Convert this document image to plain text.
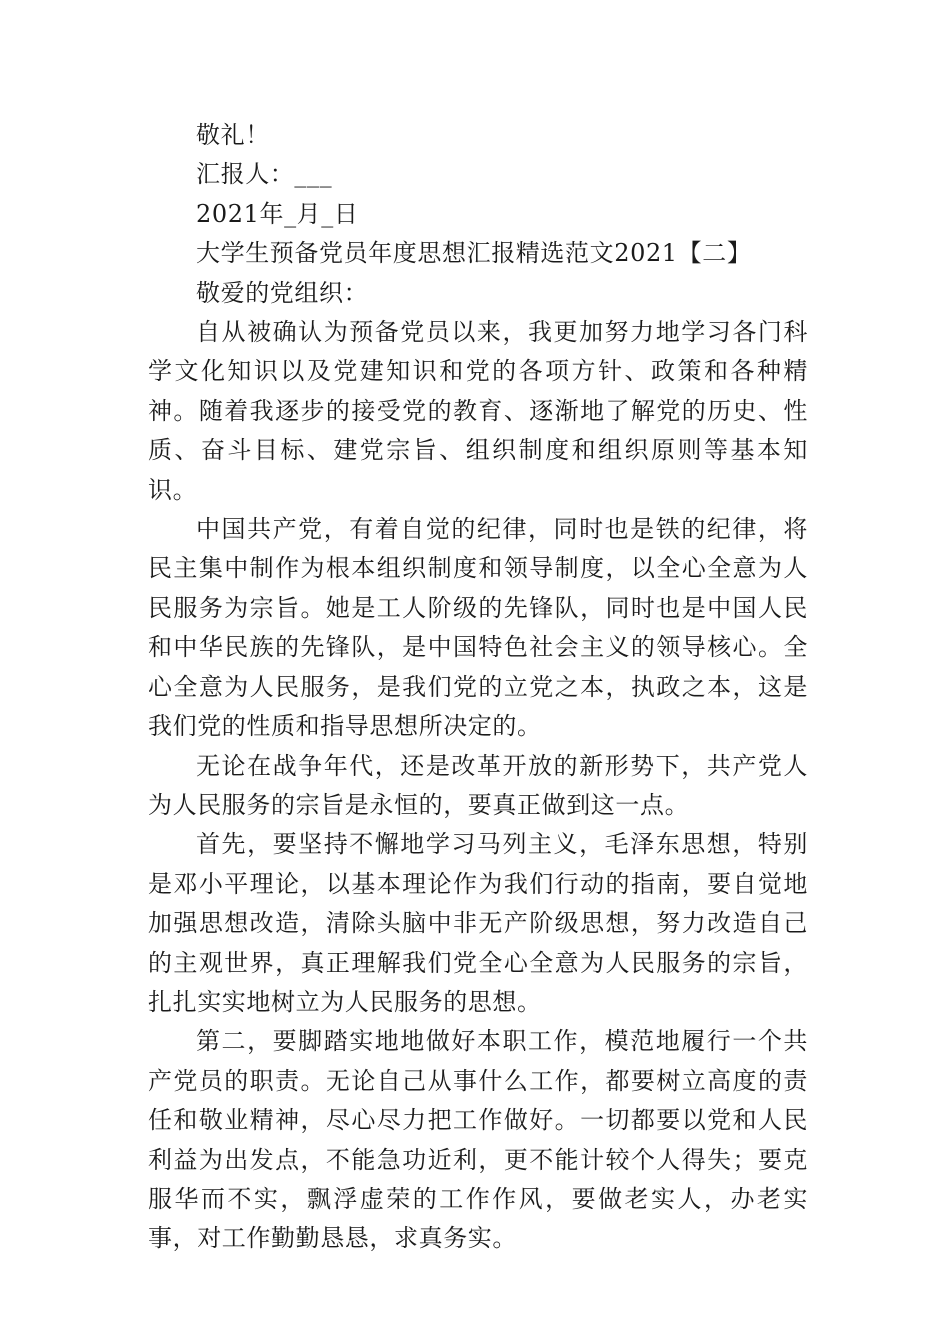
敬礼！

汇报人：___

2021年_月_日

大学生预备党员年度思想汇报精选范文2021【二】

敬爱的党组织：

自从被确认为预备党员以来，我更加努力地学习各门科学文化知识以及党建知识和党的各项方针、政策和各种精神。随着我逐步的接受党的教育、逐渐地了解党的历史、性质、奋斗目标、建党宗旨、组织制度和组织原则等基本知识。

中国共产党，有着自觉的纪律，同时也是铁的纪律，将民主集中制作为根本组织制度和领导制度，以全心全意为人民服务为宗旨。她是工人阶级的先锋队，同时也是中国人民和中华民族的先锋队，是中国特色社会主义的领导核心。全心全意为人民服务，是我们党的立党之本，执政之本，这是我们党的性质和指导思想所决定的。

无论在战争年代，还是改革开放的新形势下，共产党人为人民服务的宗旨是永恒的，要真正做到这一点。

首先，要坚持不懈地学习马列主义，毛泽东思想，特别是邓小平理论，以基本理论作为我们行动的指南，要自觉地加强思想改造，清除头脑中非无产阶级思想，努力改造自己的主观世界，真正理解我们党全心全意为人民服务的宗旨，扎扎实实地树立为人民服务的思想。

第二，要脚踏实地地做好本职工作，模范地履行一个共产党员的职责。无论自己从事什么工作，都要树立高度的责任和敬业精神，尽心尽力把工作做好。一切都要以党和人民利益为出发点，不能急功近利，更不能计较个人得失；要克服华而不实，飘浮虚荣的工作作风，要做老实人，办老实事，对工作勤勤恳恳，求真务实。
